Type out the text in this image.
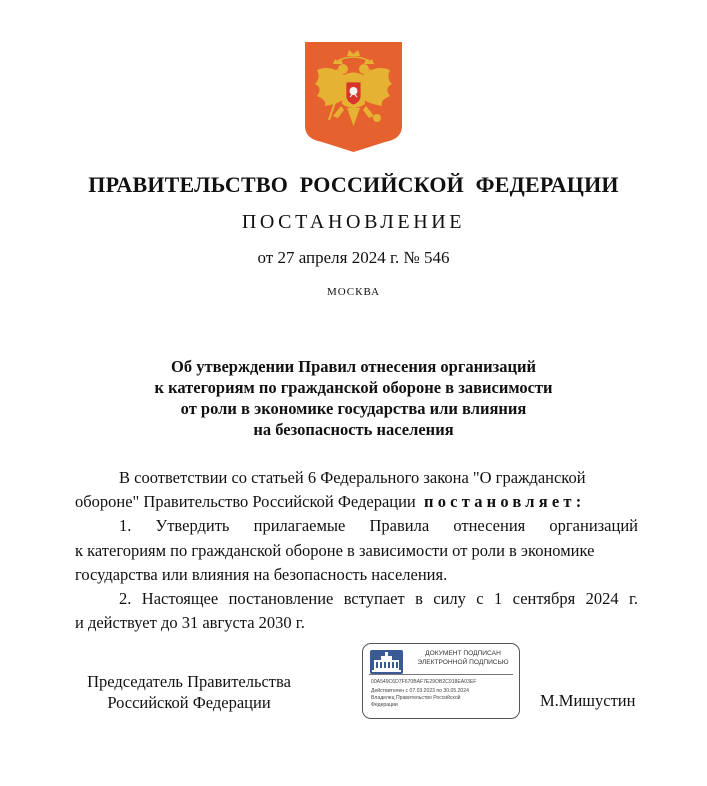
ПРАВИТЕЛЬСТВО РОССИЙСКОЙ ФЕДЕРАЦИИ
ПОСТАНОВЛЕНИЕ
от 27 апреля 2024 г. № 546
МОСКВА
Об утверждении Правил отнесения организаций
к категориям по гражданской обороне в зависимости
от роли в экономике государства или влияния
на безопасность населения
В соответствии со статьей 6 Федерального закона "О гражданской
обороне" Правительство Российской Федерации постановляет:
1. Утвердить прилагаемые Правила отнесения организаций
к категориям по гражданской обороне в зависимости от роли в экономике
государства или влияния на безопасность населения.
2. Настоящее постановление вступает в силу с 1 сентября 2024 г.
и действует до 31 августа 2030 г.
Председатель Правительства
Российской Федерации
ДОКУМЕНТ ПОДПИСАН
ЭЛЕКТРОННОЙ ПОДПИСЬЮ
00A549C6D7F670BAF7E29OB2C918EA03EF
Действителен с 07.03.2023 по 30.05.2024
Владелец Правительство Российской
Федерации	М.Мишустин
